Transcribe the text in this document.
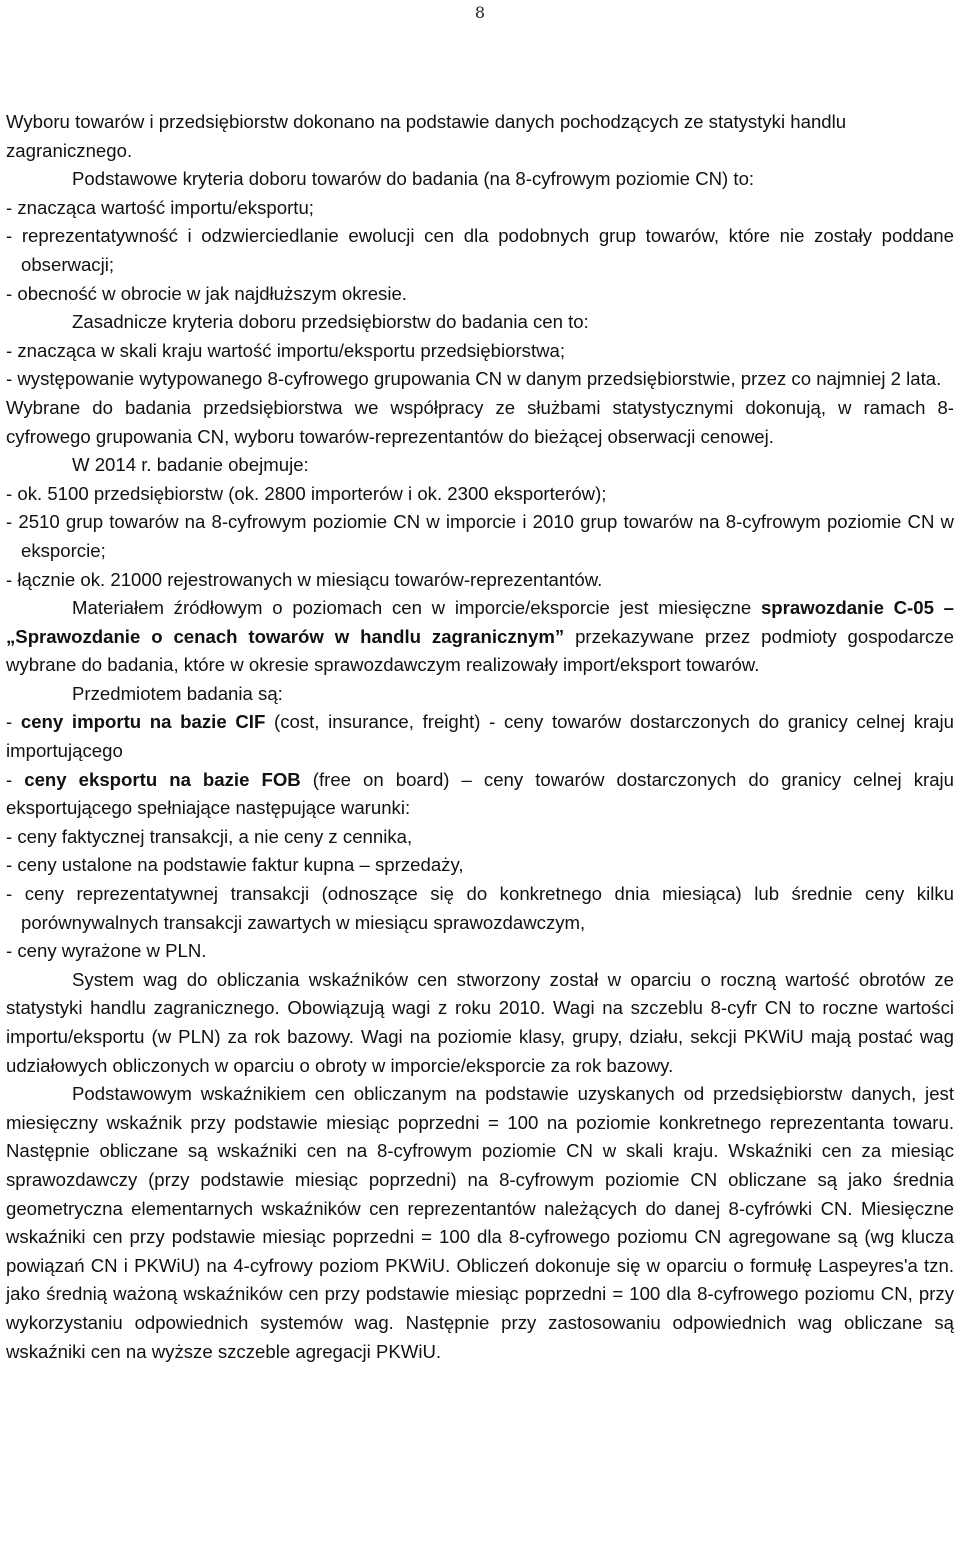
8

Wyboru towarów i przedsiębiorstw dokonano na podstawie danych pochodzących ze statystyki handlu zagranicznego.

Podstawowe kryteria doboru towarów do badania (na 8-cyfrowym poziomie CN) to:

- znacząca wartość importu/eksportu;

- reprezentatywność i odzwierciedlanie ewolucji cen dla podobnych grup towarów, które nie zostały poddane obserwacji;

- obecność w obrocie w jak najdłuższym okresie.

Zasadnicze kryteria doboru przedsiębiorstw do badania cen to:

- znacząca w skali kraju wartość importu/eksportu przedsiębiorstwa;

- występowanie wytypowanego 8-cyfrowego grupowania CN w danym przedsiębiorstwie, przez co najmniej 2 lata.

Wybrane do badania przedsiębiorstwa we współpracy ze służbami statystycznymi dokonują, w ramach 8-cyfrowego grupowania CN, wyboru towarów-reprezentantów do bieżącej obserwacji cenowej.

W 2014 r. badanie obejmuje:

- ok. 5100 przedsiębiorstw (ok. 2800 importerów i ok. 2300 eksporterów);

- 2510 grup towarów na 8-cyfrowym poziomie CN w imporcie i 2010 grup towarów na 8-cyfrowym poziomie CN w eksporcie;

- łącznie ok. 21000 rejestrowanych w miesiącu towarów-reprezentantów.

Materiałem źródłowym o poziomach cen w imporcie/eksporcie jest miesięczne sprawozdanie C-05 – „Sprawozdanie o cenach towarów w handlu zagranicznym” przekazywane przez podmioty gospodarcze wybrane do badania, które w okresie sprawozdawczym realizowały import/eksport towarów.

Przedmiotem badania są:

- ceny importu na bazie CIF (cost, insurance, freight) - ceny towarów dostarczonych do granicy celnej kraju importującego

- ceny eksportu na bazie FOB (free on board) – ceny towarów dostarczonych do granicy celnej kraju eksportującego spełniające następujące warunki:

- ceny faktycznej transakcji, a nie ceny z cennika,

- ceny ustalone na podstawie faktur kupna – sprzedaży,

- ceny reprezentatywnej transakcji (odnoszące się do konkretnego dnia miesiąca) lub średnie ceny kilku porównywalnych transakcji zawartych w miesiącu sprawozdawczym,

- ceny wyrażone w PLN.

System wag do obliczania wskaźników cen stworzony został w oparciu o roczną wartość obrotów ze statystyki handlu zagranicznego. Obowiązują wagi z roku 2010. Wagi na szczeblu 8-cyfr CN to roczne wartości importu/eksportu (w PLN) za rok bazowy. Wagi na poziomie klasy, grupy, działu, sekcji PKWiU mają postać wag udziałowych obliczonych w oparciu o obroty w imporcie/eksporcie za rok bazowy.

Podstawowym wskaźnikiem cen obliczanym na podstawie uzyskanych od przedsiębiorstw danych, jest miesięczny wskaźnik przy podstawie miesiąc poprzedni = 100 na poziomie konkretnego reprezentanta towaru. Następnie obliczane są wskaźniki cen na 8-cyfrowym poziomie CN w skali kraju. Wskaźniki cen za miesiąc sprawozdawczy (przy podstawie miesiąc poprzedni) na 8-cyfrowym poziomie CN obliczane są jako średnia geometryczna elementarnych wskaźników cen reprezentantów należących do danej 8-cyfrówki CN. Miesięczne wskaźniki cen przy podstawie miesiąc poprzedni = 100 dla 8-cyfrowego poziomu CN agregowane są (wg klucza powiązań CN i PKWiU) na 4-cyfrowy poziom PKWiU. Obliczeń dokonuje się w oparciu o formułę Laspeyres'a tzn. jako średnią ważoną wskaźników cen przy podstawie miesiąc poprzedni = 100 dla 8-cyfrowego poziomu CN, przy wykorzystaniu odpowiednich systemów wag. Następnie przy zastosowaniu odpowiednich wag obliczane są wskaźniki cen na wyższe szczeble agregacji PKWiU.
